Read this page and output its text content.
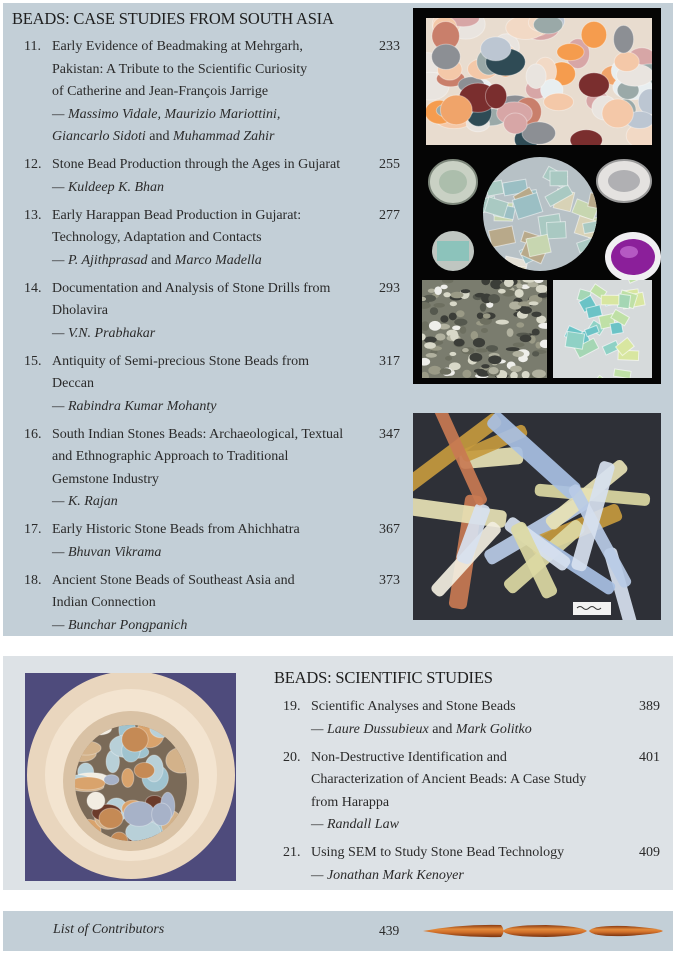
BEADS: CASE STUDIES FROM SOUTH ASIA
11. Early Evidence of Beadmaking at Mehrgarh,
Pakistan: A Tribute to the Scientific Curiosity
of Catherine and Jean-François Jarrige
— Massimo Vidale, Maurizio Mariottini,
Giancarlo Sidoti and Muhammad Zahir
233
12. Stone Bead Production through the Ages in Gujarat
— Kuldeep K. Bhan
255
13. Early Harappan Bead Production in Gujarat:
Technology, Adaptation and Contacts
— P. Ajithprasad and Marco Madella
277
14. Documentation and Analysis of Stone Drills from
Dholavira
— V.N. Prabhakar
293
15. Antiquity of Semi-precious Stone Beads from
Deccan
— Rabindra Kumar Mohanty
317
16. South Indian Stones Beads: Archaeological, Textual
and Ethnographic Approach to Traditional
Gemstone Industry
— K. Rajan
347
17. Early Historic Stone Beads from Ahichhatra
— Bhuvan Vikrama
367
18. Ancient Stone Beads of Southeast Asia and
Indian Connection
— Bunchar Pongpanich
373
BEADS: SCIENTIFIC STUDIES
19. Scientific Analyses and Stone Beads
— Laure Dussubieux and Mark Golitko
389
20. Non-Destructive Identification and
Characterization of Ancient Beads: A Case Study
from Harappa
— Randall Law
401
21. Using SEM to Study Stone Bead Technology
— Jonathan Mark Kenoyer
409
List of Contributors	439
